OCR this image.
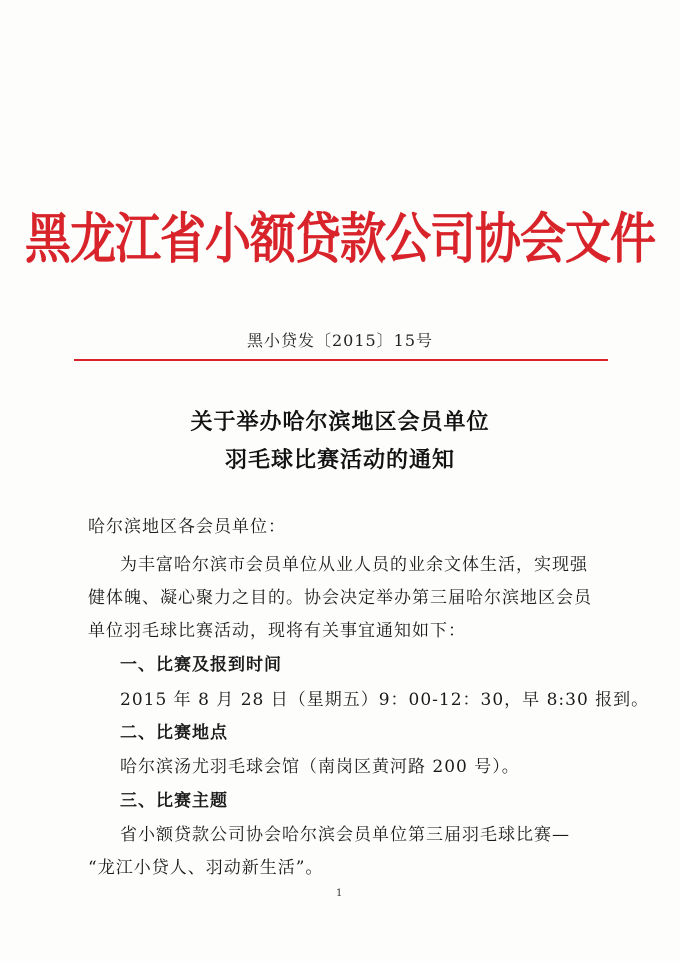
黑龙江省小额贷款公司协会文件
黑小贷发〔2015〕15号
关于举办哈尔滨地区会员单位
羽毛球比赛活动的通知
哈尔滨地区各会员单位：
为丰富哈尔滨市会员单位从业人员的业余文体生活，实现强
健体魄、凝心聚力之目的。协会决定举办第三届哈尔滨地区会员
单位羽毛球比赛活动，现将有关事宜通知如下：
一、比赛及报到时间
2015 年 8 月 28 日（星期五）9：00-12：30，早 8:30 报到。
二、比赛地点
哈尔滨汤尤羽毛球会馆（南岗区黄河路 200 号）。
三、比赛主题
省小额贷款公司协会哈尔滨会员单位第三届羽毛球比赛—
“龙江小贷人、羽动新生活”。
1
